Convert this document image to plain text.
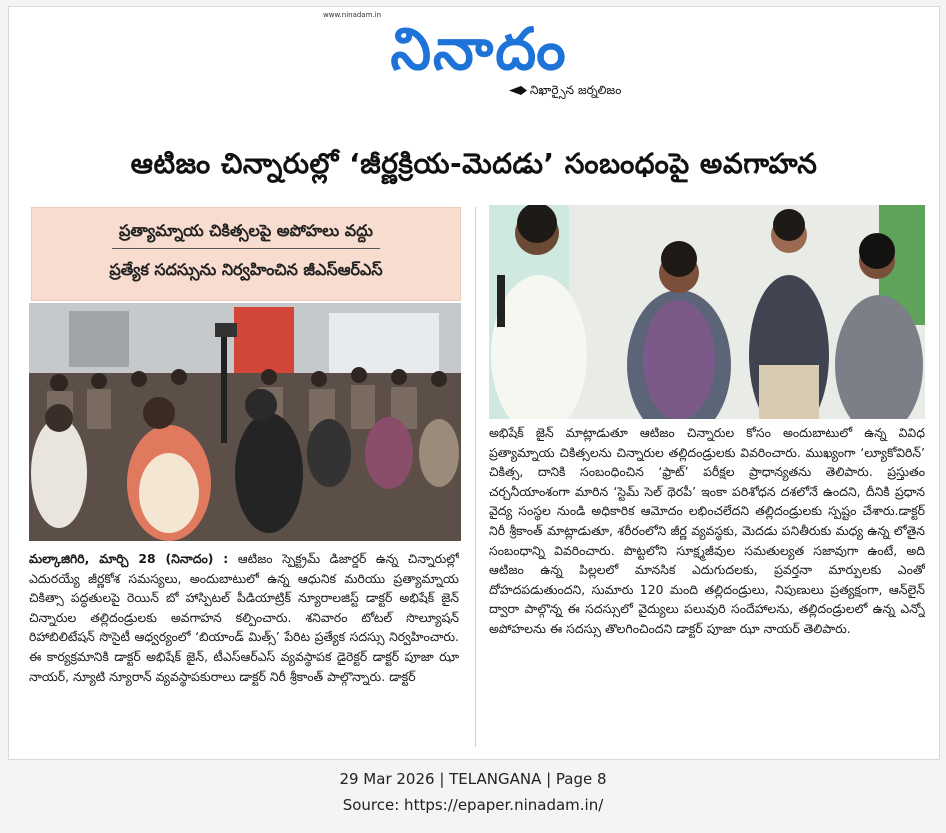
www.ninadam.in నినాదం
నిఖార్సైన జర్నలిజం
ఆటిజం చిన్నారుల్లో ‘జీర్ణక్రియ-మెదడు’ సంబంధంపై అవగాహన
ప్రత్యామ్నాయ చికిత్సలపై అపోహలు వద్దు
ప్రత్యేక సదస్సును నిర్వహించిన జీఎస్ఆర్ఎస్
మల్కాజిగిరి, మార్చి 28 (నినాదం) : ఆటిజం స్పెక్ట్రమ్ డిజార్డర్ ఉన్న చిన్నారుల్లో ఎదురయ్యే జీర్ణకోశ సమస్యలు, అందుబాటులో ఉన్న ఆధునిక మరియు ప్రత్యామ్నాయ చికిత్సా పద్ధతులపై రెయిన్ బో హాస్పిటల్ పీడియాట్రిక్ న్యూరాలజిస్ట్ డాక్టర్ అభిషేక్ జైన్ చిన్నారుల తల్లిదండ్రులకు అవగాహన కల్పించారు. శనివారం టోటల్ సొల్యూషన్ రిహాబిలిటేషన్ సొసైటీ ఆధ్వర్యంలో ‘బియాండ్ మిత్స్’ పేరిట ప్రత్యేక సదస్సు నిర్వహించారు. ఈ కార్యక్రమానికి డాక్టర్ అభిషేక్ జైన్, టీఎస్ఆర్ఎస్ వ్యవస్థాపక డైరెక్టర్ డాక్టర్ పూజా ఝా నాయర్, న్యూటి న్యూరాన్ వ్యవస్థాపకురాలు డాక్టర్ నిరీ శ్రీకాంత్ పాల్గొన్నారు. డాక్టర్
అభిషేక్ జైన్ మాట్లాడుతూ ఆటిజం చిన్నారుల కోసం అందుబాటులో ఉన్న వివిధ ప్రత్యామ్నాయ చికిత్సలను చిన్నారుల తల్లిదండ్రులకు వివరించారు. ముఖ్యంగా ‘ల్యూకోవిరిన్’ చికిత్స, దానికి సంబంధించిన ‘ఫ్రాట్’ పరీక్షల ప్రాధాన్యతను తెలిపారు. ప్రస్తుతం చర్చనీయాంశంగా మారిన ‘స్టెమ్ సెల్ థెరపీ’ ఇంకా పరిశోధన దశలోనే ఉందని, దీనికి ప్రధాన వైద్య సంస్థల నుండి అధికారిక ఆమోదం లభించలేదని తల్లిదండ్రులకు స్పష్టం చేశారు.డాక్టర్ నిరీ శ్రీకాంత్ మాట్లాడుతూ, శరీరంలోని జీర్ణ వ్యవస్థకు, మెదడు పనితీరుకు మధ్య ఉన్న లోతైన సంబంధాన్ని వివరించారు. పొట్టలోని సూక్ష్మజీవుల సమతుల్యత సజావుగా ఉంటే, అది ఆటిజం ఉన్న పిల్లలలో మానసిక ఎదుగుదలకు, ప్రవర్తనా మార్పులకు ఎంతో దోహదపడుతుందని, సుమారు 120 మంది తల్లిదండ్రులు, నిపుణులు ప్రత్యక్షంగా, ఆన్‌లైన్ ద్వారా పాల్గొన్న ఈ సదస్సులో వైద్యులు పలువురి సందేహాలను, తల్లిదండ్రులలో ఉన్న ఎన్నో అపోహలను ఈ సదస్సు తొలగించిందని డాక్టర్ పూజా ఝా నాయర్ తెలిపారు.
29 Mar 2026 | TELANGANA | Page 8
Source: https://epaper.ninadam.in/
